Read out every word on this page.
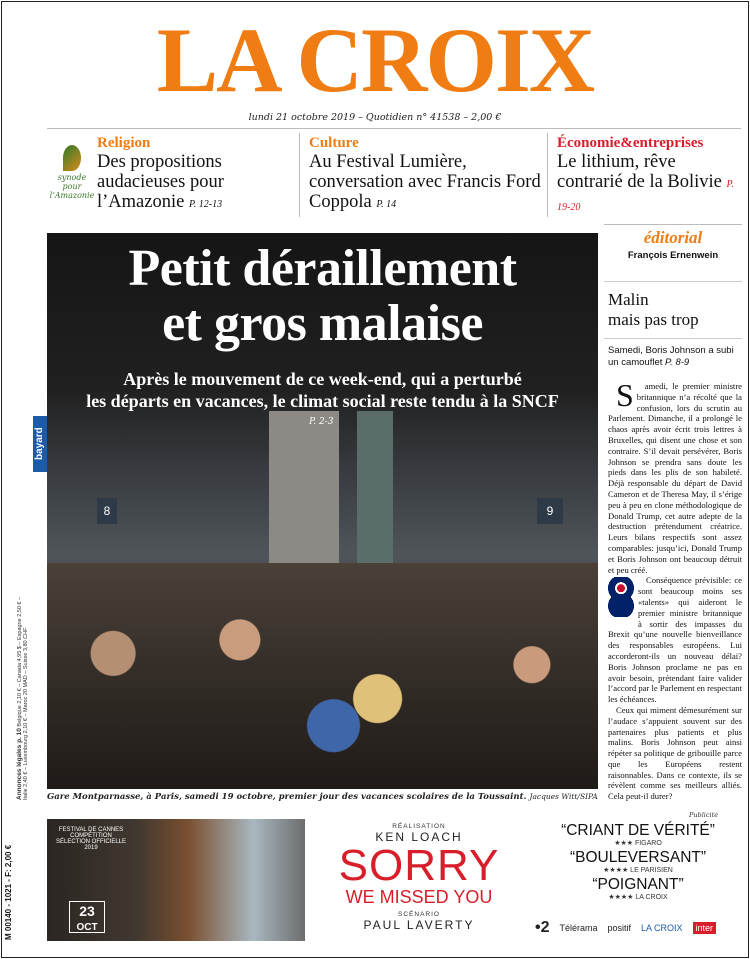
LA CROIX
lundi 21 octobre 2019 – Quotidien n° 41538 – 2,00 €
synode pour l’Amazonie
Religion
Des propositions audacieuses pour l’Amazonie P. 12-13
Culture
Au Festival Lumière, conversation avec Francis Ford Coppola P. 14
Économie&entreprises
Le lithium, rêve contrarié de la Bolivie P. 19-20
8	9
Petit déraillement
et gros malaise
Après le mouvement de ce week-end, qui a perturbé
les départs en vacances, le climat social reste tendu à la SNCF
P. 2-3
Gare Montparnasse, à Paris, samedi 19 octobre, premier jour des vacances scolaires de la Toussaint. Jacques Witt/SIPA
bayard
Annonces légales p. 10 Belgique 2,10 € – Canada 4,95 $ – Espagne 2,50 € – Italie 2,40 € – Luxembourg 2,10 € – Maroc 20 MAD – Suisse 3,80 CHF
M 00140 - 1021 - F: 2,00 €
éditorial
François Ernenwein
Malin
mais pas trop
Samedi, Boris Johnson a subi un camouflet P. 8-9

S amedi, le premier ministre britannique n’a récolté que la confusion, lors du scrutin au Parlement. Dimanche, il a prolongé le chaos après avoir écrit trois lettres à Bruxelles, qui disent une chose et son contraire. S’il devait persévérer, Boris Johnson se prendra sans doute les pieds dans les plis de son habileté. Déjà responsable du départ de David Cameron et de Theresa May, il s’érige peu à peu en clone méthodologique de Donald Trump, cet autre adepte de la destruction prétendument créatrice. Leurs bilans respectifs sont assez comparables: jusqu’ici, Donald Trump et Boris Johnson ont beaucoup détruit et peu créé.

Conséquence prévisible: ce sont beaucoup moins ses «talents» qui aideront le premier ministre britannique à sortir des impasses du Brexit qu’une nouvelle bienveillance des responsables européens. Lui accorderont-ils un nouveau délai? Boris Johnson proclame ne pas en avoir besoin, prétendant faire valider l’accord par le Parlement en respectant les échéances.

Ceux qui miment démesurément sur l’audace s’appuient souvent sur des partenaires plus patients et plus malins. Boris Johnson peut ainsi répéter sa politique de gribouille parce que les Européens restent raisonnables. Dans ce contexte, ils se révèlent comme ses meilleurs alliés. Cela peut-il durer?

Publicité
FESTIVAL DE CANNES COMPÉTITION SÉLECTION OFFICIELLE 2019
23
OCT
RÉALISATION
KEN LOACH
SORRY
WE MISSED YOU
SCÉNARIO
PAUL LAVERTY
“CRIANT DE VÉRITÉ”
★★★ FIGARO
“BOULEVERSANT”
★★★★ LE PARISIEN
“POIGNANT”
★★★★ LA CROIX
•2 Télérama positif LA CROIX	inter
